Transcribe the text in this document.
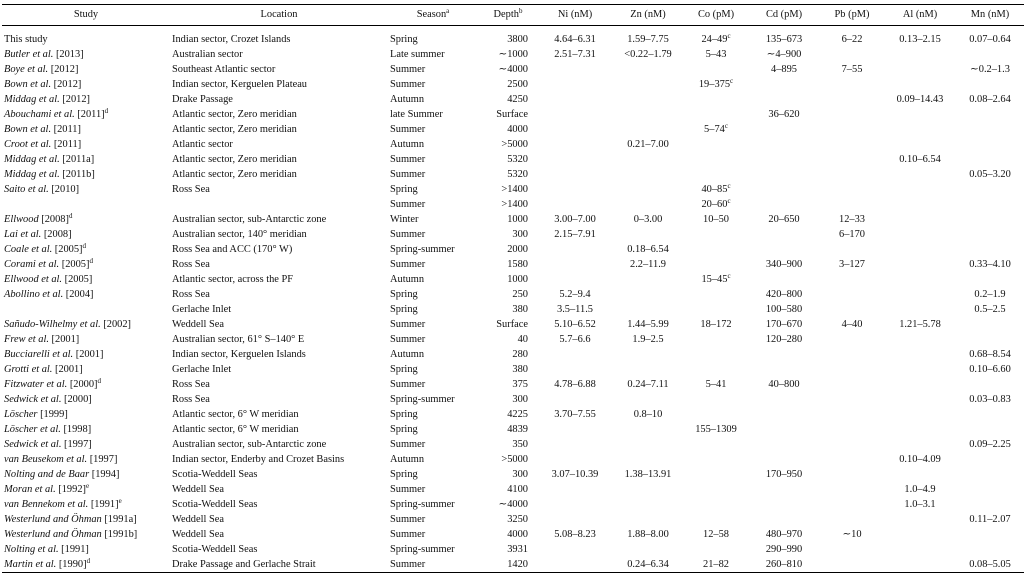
Study	Location	Season$^a$	Depth$^b$	Ni (nM)	Zn (nM)	Co (pM)	Cd (pM)	Pb (pM)	Al (nM)	Mn (nM)
This study	Indian sector, Crozet Islands	Spring	3800	4.64–6.31	1.59–7.75	24–49$^c$	135–673	6–22	0.13–2.15	0.07–0.64
Butler et al. [2013]	Australian sector	Late summer	∼1000	2.51–7.31	<0.22–1.79	5–43	∼4–900			
Boye et al. [2012]	Southeast Atlantic sector	Summer	∼4000				4–895	7–55		∼0.2–1.3
Bown et al. [2012]	Indian sector, Kerguelen Plateau	Summer	2500			19–375$^c$				
Middag et al. [2012]	Drake Passage	Autumn	4250						0.09–14.43	0.08–2.64
Abouchami et al. $[2011]^d$	Atlantic sector, Zero meridian	late Summer	Surface				36–620			
Bown et al. [2011]	Atlantic sector, Zero meridian	Summer	4000			5–74$^c$				
Croot et al. [2011]	Atlantic sector	Autumn	>5000		0.21–7.00					
Middag et al. [2011a]	Atlantic sector, Zero meridian	Summer	5320						0.10–6.54	
Middag et al. [2011b]	Atlantic sector, Zero meridian	Summer	5320							0.05–3.20
Saito et al. [2010]	Ross Sea	Spring	>1400			40–85$^c$				
		Summer	>1400			20–60$^c$				
Ellwood $[2008]^d$	Australian sector, sub-Antarctic zone	Winter	1000	3.00–7.00	0–3.00	10–50	20–650	12–33		
Lai et al. [2008]	Australian sector, 140° meridian	Summer	300	2.15–7.91				6–170		
Coale et al. $[2005]^d$	Ross Sea and ACC (170° W)	Spring-summer	2000		0.18–6.54					
Corami et al. $[2005]^d$	Ross Sea	Summer	1580		2.2–11.9		340–900	3–127		0.33–4.10
Ellwood et al. [2005]	Atlantic sector, across the PF	Autumn	1000			15–45$^c$				
Abollino et al. [2004]	Ross Sea	Spring	250	5.2–9.4			420–800			0.2–1.9
	Gerlache Inlet	Spring	380	3.5–11.5			100–580			0.5–2.5
Sañudo-Wilhelmy et al. [2002]	Weddell Sea	Summer	Surface	5.10–6.52	1.44–5.99	18–172	170–670	4–40	1.21–5.78	
Frew et al. [2001]	Australian sector, 61° S–140° E	Summer	40	5.7–6.6	1.9–2.5		120–280			
Bucciarelli et al. [2001]	Indian sector, Kerguelen Islands	Autumn	280							0.68–8.54
Grotti et al. [2001]	Gerlache Inlet	Spring	380							0.10–6.60
Fitzwater et al. $[2000]^d$	Ross Sea	Summer	375	4.78–6.88	0.24–7.11	5–41	40–800			
Sedwick et al. [2000]	Ross Sea	Spring-summer	300							0.03–0.83
Löscher [1999]	Atlantic sector, 6° W meridian	Spring	4225	3.70–7.55	0.8–10					
Löscher et al. [1998]	Atlantic sector, 6° W meridian	Spring	4839			155–1309				
Sedwick et al. [1997]	Australian sector, sub-Antarctic zone	Summer	350							0.09–2.25
van Beusekom et al. [1997]	Indian sector, Enderby and Crozet Basins	Autumn	>5000						0.10–4.09	
Nolting and de Baar [1994]	Scotia-Weddell Seas	Spring	300	3.07–10.39	1.38–13.91		170–950			
Moran et al. $[1992]^e$	Weddell Sea	Summer	4100						1.0–4.9	
van Bennekom et al. $[1991]^e$	Scotia-Weddell Seas	Spring-summer	∼4000						1.0–3.1	
Westerlund and Öhman [1991a]	Weddell Sea	Summer	3250							0.11–2.07
Westerlund and Öhman [1991b]	Weddell Sea	Summer	4000	5.08–8.23	1.88–8.00	12–58	480–970	∼10		
Nolting et al. [1991]	Scotia-Weddell Seas	Spring-summer	3931				290–990			
Martin et al. $[1990]^d$	Drake Passage and Gerlache Strait	Summer	1420		0.24–6.34	21–82	260–810			0.08–5.05
